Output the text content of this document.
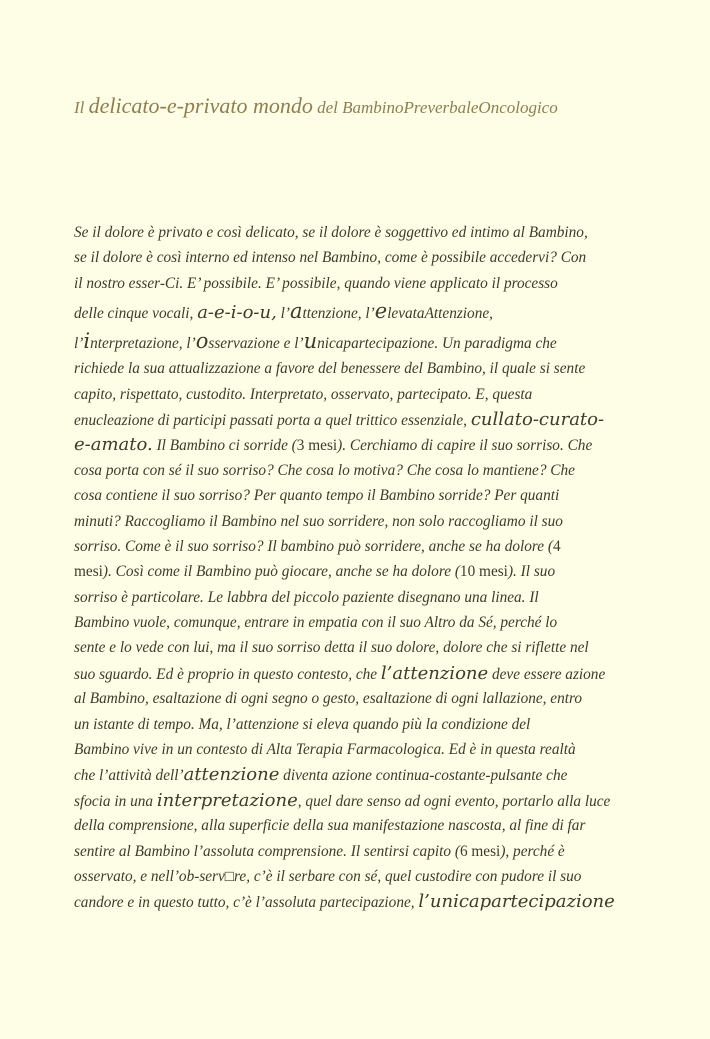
Il delicato-e-privato mondo del BambinoPreverbaleOncologico
Se il dolore è privato e così delicato, se il dolore è soggettivo ed intimo al Bambino,
se il dolore è così interno ed intenso nel Bambino, come è possibile accedervi? Con
il nostro esser-Ci. E’ possibile. E’ possibile, quando viene applicato il processo
delle cinque vocali, a-e-i-o-u, l’attenzione, l’elevataAttenzione,
l’interpretazione, l’osservazione e l’unicapartecipazione. Un paradigma che
richiede la sua attualizzazione a favore del benessere del Bambino, il quale si sente
capito, rispettato, custodito. Interpretato, osservato, partecipato. E, questa
enucleazione di participi passati porta a quel trittico essenziale, cullato-curato-
e-amato. Il Bambino ci sorride (3 mesi). Cerchiamo di capire il suo sorriso. Che
cosa porta con sé il suo sorriso? Che cosa lo motiva? Che cosa lo mantiene? Che
cosa contiene il suo sorriso? Per quanto tempo il Bambino sorride? Per quanti
minuti? Raccogliamo il Bambino nel suo sorridere, non solo raccogliamo il suo
sorriso. Come è il suo sorriso? Il bambino può sorridere, anche se ha dolore (4
mesi). Così come il Bambino può giocare, anche se ha dolore (10 mesi). Il suo
sorriso è particolare. Le labbra del piccolo paziente disegnano una linea. Il
Bambino vuole, comunque, entrare in empatia con il suo Altro da Sé, perché lo
sente e lo vede con lui, ma il suo sorriso detta il suo dolore, dolore che si riflette nel
suo sguardo. Ed è proprio in questo contesto, che l’attenzione deve essere azione
al Bambino, esaltazione di ogni segno o gesto, esaltazione di ogni lallazione, entro
un istante di tempo. Ma, l’attenzione si eleva quando più la condizione del
Bambino vive in un contesto di Alta Terapia Farmacologica. Ed è in questa realtà
che l’attività dell’attenzione diventa azione continua-costante-pulsante che
sfocia in una interpretazione, quel dare senso ad ogni evento, portarlo alla luce
della comprensione, alla superficie della sua manifestazione nascosta, al fine di far
sentire al Bambino l’assoluta comprensione. Il sentirsi capito (6 mesi), perché è
osservato, e nell’ob-serv□re, c’è il serbare con sé, quel custodire con pudore il suo
candore e in questo tutto, c’è l’assoluta partecipazione, l’unicapartecipazione
